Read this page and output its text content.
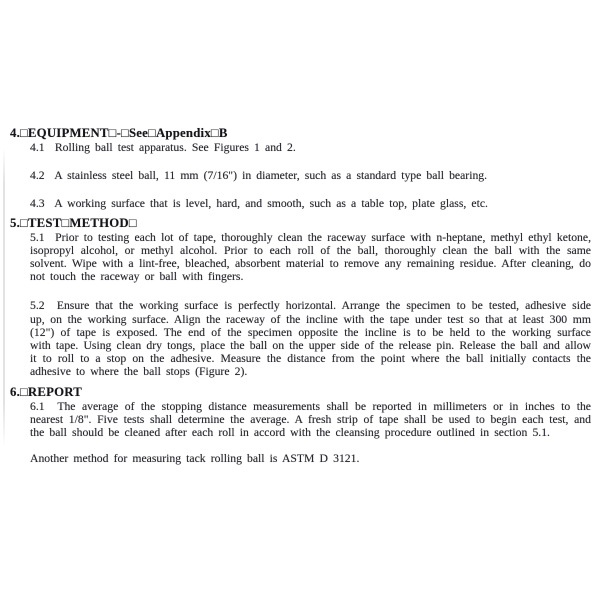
4.□EQUIPMENT□-□See□Appendix□B

4.1  Rolling ball test apparatus. See Figures 1 and 2.

4.2  A stainless steel ball, 11 mm (7/16") in diameter, such as a standard type ball bearing.

4.3  A working surface that is level, hard, and smooth, such as a table top, plate glass, etc.

5.□TEST□METHOD□

5.1  Prior to testing each lot of tape, thoroughly clean the raceway surface with n-heptane, methyl ethyl ketone, isopropyl alcohol, or methyl alcohol. Prior to each roll of the ball, thoroughly clean the ball with the same solvent. Wipe with a lint-free, bleached, absorbent material to remove any remaining residue. After cleaning, do not touch the raceway or ball with fingers.

5.2  Ensure that the working surface is perfectly horizontal. Arrange the specimen to be tested, adhesive side up, on the working surface. Align the raceway of the incline with the tape under test so that at least 300 mm (12") of tape is exposed. The end of the specimen opposite the incline is to be held to the working surface with tape. Using clean dry tongs, place the ball on the upper side of the release pin. Release the ball and allow it to roll to a stop on the adhesive. Measure the distance from the point where the ball initially contacts the adhesive to where the ball stops (Figure 2).

6.□REPORT

6.1  The average of the stopping distance measurements shall be reported in millimeters or in inches to the nearest 1/8". Five tests shall determine the average. A fresh strip of tape shall be used to begin each test, and the ball should be cleaned after each roll in accord with the cleansing procedure outlined in section 5.1.

Another method for measuring tack rolling ball is ASTM D 3121.
